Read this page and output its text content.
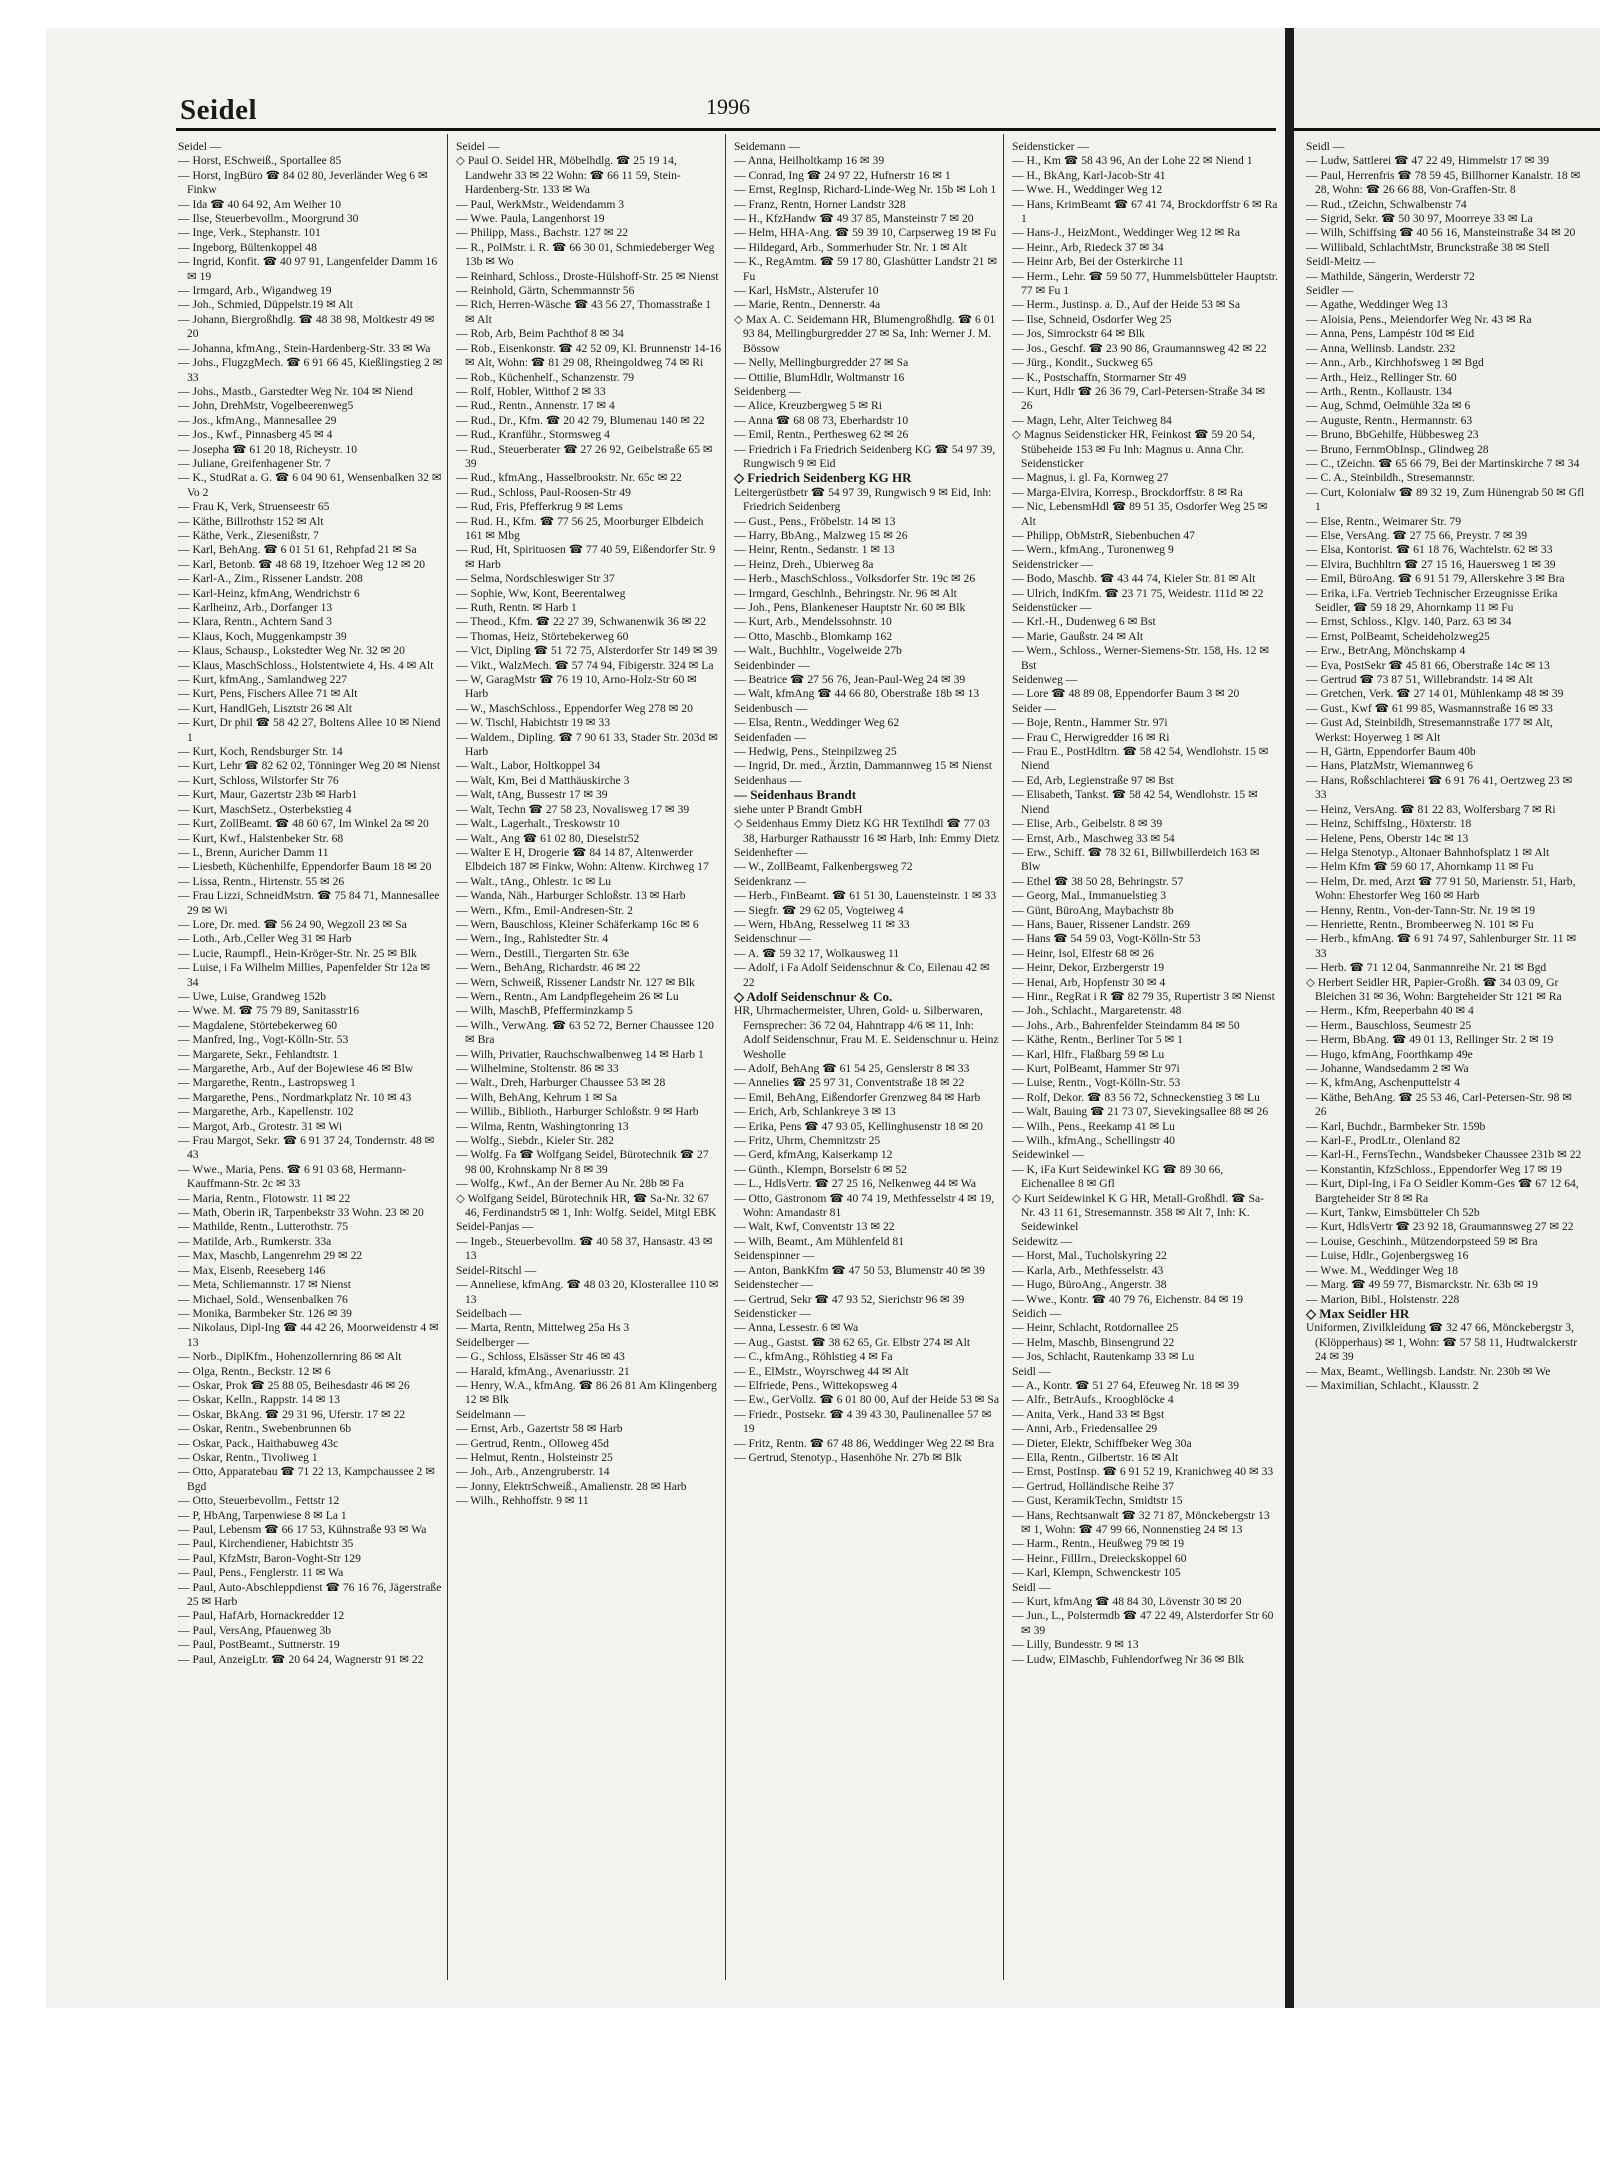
Seidel	1996

Seidel —

— Horst, ESchweiß., Sportallee 85

— Horst, IngBüro ☎ 84 02 80, Jeverländer Weg 6 ✉ Finkw

— Ida ☎ 40 64 92, Am Weiher 10

— Ilse, Steuerbevollm., Moorgrund 30

— Inge, Verk., Stephanstr. 101

— Ingeborg, Bültenkoppel 48

— Ingrid, Konfit. ☎ 40 97 91, Langenfelder Damm 16 ✉ 19

— Irmgard, Arb., Wigandweg 19

— Joh., Schmied, Düppelstr.19 ✉ Alt

— Johann, Biergroßhdlg. ☎ 48 38 98, Moltkestr 49 ✉ 20

— Johanna, kfmAng., Stein-Hardenberg-Str. 33 ✉ Wa

— Johs., FlugzgMech. ☎ 6 91 66 45, Kießlingstieg 2 ✉ 33

— Johs., Mastb., Garstedter Weg Nr. 104 ✉ Niend

— John, DrehMstr, Vogelbeerenweg5

— Jos., kfmAng., Mannesallee 29

— Jos., Kwf., Pinnasberg 45 ✉ 4

— Josepha ☎ 61 20 18, Richeystr. 10

— Juliane, Greifenhagener Str. 7

— K., StudRat a. G. ☎ 6 04 90 61, Wensenbalken 32 ✉ Vo 2

— Frau K, Verk, Struenseestr 65

— Käthe, Billrothstr 152 ✉ Alt

— Käthe, Verk., Ziesenißstr. 7

— Karl, BehAng. ☎ 6 01 51 61, Rehpfad 21 ✉ Sa

— Karl, Betonb. ☎ 48 68 19, Itzehoer Weg 12 ✉ 20

— Karl-A., Zim., Rissener Landstr. 208

— Karl-Heinz, kfmAng, Wendrichstr 6

— Karlheinz, Arb., Dorfanger 13

— Klara, Rentn., Achtern Sand 3

— Klaus, Koch, Muggenkampstr 39

— Klaus, Schausp., Lokstedter Weg Nr. 32 ✉ 20

— Klaus, MaschSchloss., Holstentwiete 4, Hs. 4 ✉ Alt

— Kurt, kfmAng., Samlandweg 227

— Kurt, Pens, Fischers Allee 71 ✉ Alt

— Kurt, HandlGeh, Lisztstr 26 ✉ Alt

— Kurt, Dr phil ☎ 58 42 27, Boltens Allee 10 ✉ Niend 1

— Kurt, Koch, Rendsburger Str. 14

— Kurt, Lehr ☎ 82 62 02, Tönninger Weg 20 ✉ Nienst

— Kurt, Schloss, Wilstorfer Str 76

— Kurt, Maur, Gazertstr 23b ✉ Harb1

— Kurt, MaschSetz., Osterbekstieg 4

— Kurt, ZollBeamt. ☎ 48 60 67, Im Winkel 2a ✉ 20

— Kurt, Kwf., Halstenbeker Str. 68

— L, Brenn, Auricher Damm 11

— Liesbeth, Küchenhilfe, Eppendorfer Baum 18 ✉ 20

— Lissa, Rentn., Hirtenstr. 55 ✉ 26

— Frau Lizzi, SchneidMstrn. ☎ 75 84 71, Mannesallee 29 ✉ Wi

— Lore, Dr. med. ☎ 56 24 90, Wegzoll 23 ✉ Sa

— Loth., Arb.,Celler Weg 31 ✉ Harb

— Lucie, Raumpfl., Hein-Kröger-Str. Nr. 25 ✉ Blk

— Luise, i Fa Wilhelm Millies, Papenfelder Str 12a ✉ 34

— Uwe, Luise, Grandweg 152b

— Wwe. M. ☎ 75 79 89, Sanitasstr16

— Magdalene, Störtebekerweg 60

— Manfred, Ing., Vogt-Kölln-Str. 53

— Margarete, Sekr., Fehlandtstr. 1

— Margarethe, Arb., Auf der Bojewiese 46 ✉ Blw

— Margarethe, Rentn., Lastropsweg 1

— Margarethe, Pens., Nordmarkplatz Nr. 10 ✉ 43

— Margarethe, Arb., Kapellenstr. 102

— Margot, Arb., Grotestr. 31 ✉ Wi

— Frau Margot, Sekr. ☎ 6 91 37 24, Tondernstr. 48 ✉ 43

— Wwe., Maria, Pens. ☎ 6 91 03 68, Hermann-Kauffmann-Str. 2c ✉ 33

— Maria, Rentn., Flotowstr. 11 ✉ 22

— Math, Oberin iR, Tarpenbekstr 33 Wohn. 23 ✉ 20

— Mathilde, Rentn., Lutterothstr. 75

— Matilde, Arb., Rumkerstr. 33a

— Max, Maschb, Langenrehm 29 ✉ 22

— Max, Eisenb, Reeseberg 146

— Meta, Schliemannstr. 17 ✉ Nienst

— Michael, Sold., Wensenbalken 76

— Monika, Barmbeker Str. 126 ✉ 39

— Nikolaus, Dipl-Ing ☎ 44 42 26, Moorweidenstr 4 ✉ 13

— Norb., DiplKfm., Hohenzollernring 86 ✉ Alt

— Olga, Rentn., Beckstr. 12 ✉ 6

— Oskar, Prok ☎ 25 88 05, Beihesdastr 46 ✉ 26

— Oskar, Kelln., Rappstr. 14 ✉ 13

— Oskar, BkAng. ☎ 29 31 96, Uferstr. 17 ✉ 22

— Oskar, Rentn., Swebenbrunnen 6b

— Oskar, Pack., Haithabuweg 43c

— Oskar, Rentn., Tivoliweg 1

— Otto, Apparatebau ☎ 71 22 13, Kampchaussee 2 ✉ Bgd

— Otto, Steuerbevollm., Fettstr 12

— P, HbAng, Tarpenwiese 8 ✉ La 1

— Paul, Lebensm ☎ 66 17 53, Kühnstraße 93 ✉ Wa

— Paul, Kirchendiener, Habichtstr 35

— Paul, KfzMstr, Baron-Voght-Str 129

— Paul, Pens., Fenglerstr. 11 ✉ Wa

— Paul, Auto-Abschleppdienst ☎ 76 16 76, Jägerstraße 25 ✉ Harb

— Paul, HafArb, Hornackredder 12

— Paul, VersAng, Pfauenweg 3b

— Paul, PostBeamt., Suttnerstr. 19

— Paul, AnzeigLtr. ☎ 20 64 24, Wagnerstr 91 ✉ 22

Seidel —

◇ Paul O. Seidel HR, Möbelhdlg. ☎ 25 19 14, Landwehr 33 ✉ 22 Wohn: ☎ 66 11 59, Stein-Hardenberg-Str. 133 ✉ Wa

— Paul, WerkMstr., Weidendamm 3

— Wwe. Paula, Langenhorst 19

— Philipp, Mass., Bachstr. 127 ✉ 22

— R., PolMstr. i. R. ☎ 66 30 01, Schmiedeberger Weg 13b ✉ Wo

— Reinhard, Schloss., Droste-Hülshoff-Str. 25 ✉ Nienst

— Reinhold, Gärtn, Schemmannstr 56

— Rich, Herren-Wäsche ☎ 43 56 27, Thomasstraße 1 ✉ Alt

— Rob, Arb, Beim Pachthof 8 ✉ 34

— Rob., Eisenkonstr. ☎ 42 52 09, Kl. Brunnenstr 14-16 ✉ Alt, Wohn: ☎ 81 29 08, Rheingoldweg 74 ✉ Ri

— Rob., Küchenhelf., Schanzenstr. 79

— Rolf, Hobler, Witthof 2 ✉ 33

— Rud., Rentn., Annenstr. 17 ✉ 4

— Rud., Dr., Kfm. ☎ 20 42 79, Blumenau 140 ✉ 22

— Rud., Kranführ., Stormsweg 4

— Rud., Steuerberater ☎ 27 26 92, Geibelstraße 65 ✉ 39

— Rud., kfmAng., Hasselbrookstr. Nr. 65c ✉ 22

— Rud., Schloss, Paul-Roosen-Str 49

— Rud, Fris, Pfefferkrug 9 ✉ Lems

— Rud. H., Kfm. ☎ 77 56 25, Moorburger Elbdeich 161 ✉ Mbg

— Rud, Ht, Spirituosen ☎ 77 40 59, Eißendorfer Str. 9 ✉ Harb

— Selma, Nordschleswiger Str 37

— Sophie, Ww, Kont, Beerentalweg

— Ruth, Rentn. ✉ Harb 1

— Theod., Kfm. ☎ 22 27 39, Schwanenwik 36 ✉ 22

— Thomas, Heiz, Störtebekerweg 60

— Vict, Dipling ☎ 51 72 75, Alsterdorfer Str 149 ✉ 39

— Vikt., WalzMech. ☎ 57 74 94, Fibigerstr. 324 ✉ La

— W, GaragMstr ☎ 76 19 10, Arno-Holz-Str 60 ✉ Harb

— W., MaschSchloss., Eppendorfer Weg 278 ✉ 20

— W. Tischl, Habichtstr 19 ✉ 33

— Waldem., Dipling. ☎ 7 90 61 33, Stader Str. 203d ✉ Harb

— Walt., Labor, Holtkoppel 34

— Walt, Km, Bei d Matthäuskirche 3

— Walt, tAng, Bussestr 17 ✉ 39

— Walt, Techn ☎ 27 58 23, Novalisweg 17 ✉ 39

— Walt., Lagerhalt., Treskowstr 10

— Walt., Ang ☎ 61 02 80, Dieselstr52

— Walter E H, Drogerie ☎ 84 14 87, Altenwerder Elbdeich 187 ✉ Finkw, Wohn: Altenw. Kirchweg 17

— Walt., tAng., Ohlestr. 1c ✉ Lu

— Wanda, Näh., Harburger Schloßstr. 13 ✉ Harb

— Wern., Kfm., Emil-Andresen-Str. 2

— Wern, Bauschloss, Kleiner Schäferkamp 16c ✉ 6

— Wern., Ing., Rahlstedter Str. 4

— Wern., Destill., Tiergarten Str. 63e

— Wern., BehAng, Richardstr. 46 ✉ 22

— Wern, Schweiß, Rissener Landstr Nr. 127 ✉ Blk

— Wern., Rentn., Am Landpflegeheim 26 ✉ Lu

— Wilh, MaschB, Pfefferminzkamp 5

— Wilh., VerwAng. ☎ 63 52 72, Berner Chaussee 120 ✉ Bra

— Wilh, Privatier, Rauchschwalbenweg 14 ✉ Harb 1

— Wilhelmine, Stoltenstr. 86 ✉ 33

— Walt., Dreh, Harburger Chaussee 53 ✉ 28

— Wilh, BehAng, Kehrum 1 ✉ Sa

— Willib., Biblioth., Harburger Schloßstr. 9 ✉ Harb

— Wilma, Rentn, Washingtonring 13

— Wolfg., Siebdr., Kieler Str. 282

— Wolfg. Fa ☎ Wolfgang Seidel, Bürotechnik ☎ 27 98 00, Krohnskamp Nr 8 ✉ 39

— Wolfg., Kwf., An der Berner Au Nr. 28b ✉ Fa

◇ Wolfgang Seidel, Bürotechnik HR, ☎ Sa-Nr. 32 67 46, Ferdinandstr5 ✉ 1, Inh: Wolfg. Seidel, Mitgl EBK

Seidel-Panjas —

— Ingeb., Steuerbevollm. ☎ 40 58 37, Hansastr. 43 ✉ 13

Seidel-Ritschl —

— Anneliese, kfmAng. ☎ 48 03 20, Klosterallee 110 ✉ 13

Seidelbach —

— Marta, Rentn, Mittelweg 25a Hs 3

Seidelberger —

— G., Schloss, Elsässer Str 46 ✉ 43

— Harald, kfmAng., Avenariusstr. 21

— Henry, W.A., kfmAng. ☎ 86 26 81 Am Klingenberg 12 ✉ Blk

Seidelmann —

— Ernst, Arb., Gazertstr 58 ✉ Harb

— Gertrud, Rentn., Olloweg 45d

— Helmut, Rentn., Holsteinstr 25

— Joh., Arb., Anzengruberstr. 14

— Jonny, ElektrSchweiß., Amalienstr. 28 ✉ Harb

— Wilh., Rehhoffstr. 9 ✉ 11

Seidemann —

— Anna, Heilholtkamp 16 ✉ 39

— Conrad, Ing ☎ 24 97 22, Hufnerstr 16 ✉ 1

— Ernst, RegInsp, Richard-Linde-Weg Nr. 15b ✉ Loh 1

— Franz, Rentn, Horner Landstr 328

— H., KfzHandw ☎ 49 37 85, Mansteinstr 7 ✉ 20

— Helm, HHA-Ang. ☎ 59 39 10, Carpserweg 19 ✉ Fu

— Hildegard, Arb., Sommerhuder Str. Nr. 1 ✉ Alt

— K., RegAmtm. ☎ 59 17 80, Glashütter Landstr 21 ✉ Fu

— Karl, HsMstr., Alsterufer 10

— Marie, Rentn., Dennerstr. 4a

◇ Max A. C. Seidemann HR, Blumengroßhdlg. ☎ 6 01 93 84, Mellingburgredder 27 ✉ Sa, Inh: Werner J. M. Bössow

— Nelly, Mellingburgredder 27 ✉ Sa

— Ottilie, BlumHdlr, Woltmanstr 16

Seidenberg —

— Alice, Kreuzbergweg 5 ✉ Ri

— Anna ☎ 68 08 73, Eberhardstr 10

— Emil, Rentn., Perthesweg 62 ✉ 26

— Friedrich i Fa Friedrich Seidenberg KG ☎ 54 97 39, Rungwisch 9 ✉ Eid

◇ Friedrich Seidenberg KG HR

Leitergerüstbetr ☎ 54 97 39, Rungwisch 9 ✉ Eid, Inh: Friedrich Seidenberg

— Gust., Pens., Fröbelstr. 14 ✉ 13

— Harry, BbAng., Malzweg 15 ✉ 26

— Heinr, Rentn., Sedanstr. 1 ✉ 13

— Heinz, Dreh., Ubierweg 8a

— Herb., MaschSchloss., Volksdorfer Str. 19c ✉ 26

— Irmgard, Geschlnh., Behringstr. Nr. 96 ✉ Alt

— Joh., Pens, Blankeneser Hauptstr Nr. 60 ✉ Blk

— Kurt, Arb., Mendelssohnstr. 10

— Otto, Maschb., Blomkamp 162

— Walt., Buchhltr., Vogelweide 27b

Seidenbinder —

— Beatrice ☎ 27 56 76, Jean-Paul-Weg 24 ✉ 39

— Walt, kfmAng ☎ 44 66 80, Oberstraße 18b ✉ 13

Seidenbusch —

— Elsa, Rentn., Weddinger Weg 62

Seidenfaden —

— Hedwig, Pens., Steinpilzweg 25

— Ingrid, Dr. med., Ärztin, Dammannweg 15 ✉ Nienst

Seidenhaus —

— Seidenhaus Brandt

siehe unter P Brandt GmbH

◇ Seidenhaus Emmy Dietz KG HR Textilhdl ☎ 77 03 38, Harburger Rathausstr 16 ✉ Harb, Inh: Emmy Dietz

Seidenhefter —

— W., ZollBeamt, Falkenbergsweg 72

Seidenkranz —

— Herb., FinBeamt. ☎ 61 51 30, Lauensteinstr. 1 ✉ 33

— Siegfr. ☎ 29 62 05, Vogteiweg 4

— Wern, HbAng, Resselweg 11 ✉ 33

Seidenschnur —

— A. ☎ 59 32 17, Wolkausweg 11

— Adolf, i Fa Adolf Seidenschnur & Co, Eilenau 42 ✉ 22

◇ Adolf Seidenschnur & Co.

HR, Uhrmachermeister, Uhren, Gold- u. Silberwaren, Fernsprecher: 36 72 04, Hahntrapp 4/6 ✉ 11, Inh: Adolf Seidenschnur, Frau M. E. Seidenschnur u. Heinz Wesholle

— Adolf, BehAng ☎ 61 54 25, Genslerstr 8 ✉ 33

— Annelies ☎ 25 97 31, Conventstraße 18 ✉ 22

— Emil, BehAng, Eißendorfer Grenzweg 84 ✉ Harb

— Erich, Arb, Schlankreye 3 ✉ 13

— Erika, Pens ☎ 47 93 05, Kellinghusenstr 18 ✉ 20

— Fritz, Uhrm, Chemnitzstr 25

— Gerd, kfmAng, Kaiserkamp 12

— Günth., Klempn, Borselstr 6 ✉ 52

— L., HdlsVertr. ☎ 27 25 16, Nelkenweg 44 ✉ Wa

— Otto, Gastronom ☎ 40 74 19, Methfesselstr 4 ✉ 19, Wohn: Amandastr 81

— Walt, Kwf, Conventstr 13 ✉ 22

— Wilh, Beamt., Am Mühlenfeld 81

Seidenspinner —

— Anton, BankKfm ☎ 47 50 53, Blumenstr 40 ✉ 39

Seidenstecher —

— Gertrud, Sekr ☎ 47 93 52, Sierichstr 96 ✉ 39

Seidensticker —

— Anna, Lessestr. 6 ✉ Wa

— Aug., Gastst. ☎ 38 62 65, Gr. Elbstr 274 ✉ Alt

— C., kfmAng., Röhlstieg 4 ✉ Fa

— E., ElMstr., Woyrschweg 44 ✉ Alt

— Elfriede, Pens., Wittekopsweg 4

— Ew., GerVollz. ☎ 6 01 80 00, Auf der Heide 53 ✉ Sa

— Friedr., Postsekr. ☎ 4 39 43 30, Paulinenallee 57 ✉ 19

— Fritz, Rentn. ☎ 67 48 86, Weddinger Weg 22 ✉ Bra

— Gertrud, Stenotyp., Hasenhöhe Nr. 27b ✉ Blk

Seidensticker —

— H., Km ☎ 58 43 96, An der Lohe 22 ✉ Niend 1

— H., BkAng, Karl-Jacob-Str 41

— Wwe. H., Weddinger Weg 12

— Hans, KrimBeamt ☎ 67 41 74, Brockdorffstr 6 ✉ Ra 1

— Hans-J., HeizMont., Weddinger Weg 12 ✉ Ra

— Heinr., Arb, Riedeck 37 ✉ 34

— Heinr Arb, Bei der Osterkirche 11

— Herm., Lehr. ☎ 59 50 77, Hummelsbütteler Hauptstr. 77 ✉ Fu 1

— Herm., Justinsp. a. D., Auf der Heide 53 ✉ Sa

— Ilse, Schneid, Osdorfer Weg 25

— Jos, Simrockstr 64 ✉ Blk

— Jos., Geschf. ☎ 23 90 86, Graumannsweg 42 ✉ 22

— Jürg., Kondit., Suckweg 65

— K., Postschaffn, Stormarner Str 49

— Kurt, Hdlr ☎ 26 36 79, Carl-Petersen-Straße 34 ✉ 26

— Magn, Lehr, Alter Teichweg 84

◇ Magnus Seidensticker HR, Feinkost ☎ 59 20 54, Stübeheide 153 ✉ Fu Inh: Magnus u. Anna Chr. Seidensticker

— Magnus, i. gl. Fa, Kornweg 27

— Marga-Elvira, Korresp., Brockdorffstr. 8 ✉ Ra

— Nic, LebensmHdl ☎ 89 51 35, Osdorfer Weg 25 ✉ Alt

— Philipp, ObMstrR, Siebenbuchen 47

— Wern., kfmAng., Turonenweg 9

Seidenstricker —

— Bodo, Maschb. ☎ 43 44 74, Kieler Str. 81 ✉ Alt

— Ulrich, IndKfm. ☎ 23 71 75, Weidestr. 111d ✉ 22

Seidenstücker —

— Krl.-H., Dudenweg 6 ✉ Bst

— Marie, Gaußstr. 24 ✉ Alt

— Wern., Schloss., Werner-Siemens-Str. 158, Hs. 12 ✉ Bst

Seidenweg —

— Lore ☎ 48 89 08, Eppendorfer Baum 3 ✉ 20

Seider —

— Boje, Rentn., Hammer Str. 97i

— Frau C, Herwigredder 16 ✉ Ri

— Frau E., PostHdltrn. ☎ 58 42 54, Wendlohstr. 15 ✉ Niend

— Ed, Arb, Legienstraße 97 ✉ Bst

— Elisabeth, Tankst. ☎ 58 42 54, Wendlohstr. 15 ✉ Niend

— Elise, Arb., Geibelstr. 8 ✉ 39

— Ernst, Arb., Maschweg 33 ✉ 54

— Erw., Schiff. ☎ 78 32 61, Billwbillerdeich 163 ✉ Blw

— Ethel ☎ 38 50 28, Behringstr. 57

— Georg, Mal., Immanuelstieg 3

— Günt, BüroAng, Maybachstr 8b

— Hans, Bauer, Rissener Landstr. 269

— Hans ☎ 54 59 03, Vogt-Kölln-Str 53

— Heinr, Isol, Elfestr 68 ✉ 26

— Heinr, Dekor, Erzbergerstr 19

— Henai, Arb, Hopfenstr 30 ✉ 4

— Hinr., RegRat i R ☎ 82 79 35, Rupertistr 3 ✉ Nienst

— Joh., Schlacht., Margaretenstr. 48

— Johs., Arb., Bahrenfelder Steindamm 84 ✉ 50

— Käthe, Rentn., Berliner Tor 5 ✉ 1

— Karl, Hlfr., Flaßbarg 59 ✉ Lu

— Kurt, PolBeamt, Hammer Str 97i

— Luise, Rentn., Vogt-Kölln-Str. 53

— Rolf, Dekor. ☎ 83 56 72, Schneckenstieg 3 ✉ Lu

— Walt, Bauing ☎ 21 73 07, Sievekingsallee 88 ✉ 26

— Wilh., Pens., Reekamp 41 ✉ Lu

— Wilh., kfmAng., Schellingstr 40

Seidewinkel —

— K, iFa Kurt Seidewinkel KG ☎ 89 30 66, Eichenallee 8 ✉ Gfl

◇ Kurt Seidewinkel K G HR, Metall-Großhdl. ☎ Sa-Nr. 43 11 61, Stresemannstr. 358 ✉ Alt 7, Inh: K. Seidewinkel

Seidewitz —

— Horst, Mal., Tucholskyring 22

— Karla, Arb., Methfesselstr. 43

— Hugo, BüroAng., Angerstr. 38

— Wwe., Kontr. ☎ 40 79 76, Eichenstr. 84 ✉ 19

Seidich —

— Heinr, Schlacht, Rotdornallee 25

— Helm, Maschb, Binsengrund 22

— Jos, Schlacht, Rautenkamp 33 ✉ Lu

Seidl —

— A., Kontr. ☎ 51 27 64, Efeuweg Nr. 18 ✉ 39

— Alfr., BetrAufs., Kroogblöcke 4

— Anita, Verk., Hand 33 ✉ Bgst

— Anni, Arb., Friedensallee 29

— Dieter, Elektr, Schiffbeker Weg 30a

— Ella, Rentn., Gilbertstr. 16 ✉ Alt

— Ernst, PostInsp. ☎ 6 91 52 19, Kranichweg 40 ✉ 33

— Gertrud, Holländische Reihe 37

— Gust, KeramikTechn, Smidtstr 15

— Hans, Rechtsanwalt ☎ 32 71 87, Mönckebergstr 13 ✉ 1, Wohn: ☎ 47 99 66, Nonnenstieg 24 ✉ 13

— Harm., Rentn., Heußweg 79 ✉ 19

— Heinr., FillIrn., Dreieckskoppel 60

— Karl, Klempn, Schwenckestr 105

Seidl —

— Kurt, kfmAng ☎ 48 84 30, Lövenstr 30 ✉ 20

— Jun., L., Polstermdb ☎ 47 22 49, Alsterdorfer Str 60 ✉ 39

— Lilly, Bundesstr. 9 ✉ 13

— Ludw, ElMaschb, Fuhlendorfweg Nr 36 ✉ Blk

Seidl —

— Ludw, Sattlerei ☎ 47 22 49, Himmelstr 17 ✉ 39

— Paul, Herrenfris ☎ 78 59 45, Billhorner Kanalstr. 18 ✉ 28, Wohn: ☎ 26 66 88, Von-Graffen-Str. 8

— Rud., tZeichn, Schwalbenstr 74

— Sigrid, Sekr. ☎ 50 30 97, Moorreye 33 ✉ La

— Wilh, Schiffsing ☎ 40 56 16, Mansteinstraße 34 ✉ 20

— Willibald, SchlachtMstr, Brunckstraße 38 ✉ Stell

Seidl-Meitz —

— Mathilde, Sängerin, Werderstr 72

Seidler —

— Agathe, Weddinger Weg 13

— Aloisia, Pens., Meiendorfer Weg Nr. 43 ✉ Ra

— Anna, Pens, Lampéstr 10d ✉ Eid

— Anna, Wellinsb. Landstr. 232

— Ann., Arb., Kirchhofsweg 1 ✉ Bgd

— Arth., Heiz., Rellinger Str. 60

— Arth., Rentn., Kollaustr. 134

— Aug, Schmd, Oelmühle 32a ✉ 6

— Auguste, Rentn., Hermannstr. 63

— Bruno, BbGehilfe, Hübbesweg 23

— Bruno, FernmObInsp., Glindweg 28

— C., tZeichn. ☎ 65 66 79, Bei der Martinskirche 7 ✉ 34

— C. A., Steinbildh., Stresemannstr.

— Curt, Kolonialw ☎ 89 32 19, Zum Hünengrab 50 ✉ Gfl 1

— Else, Rentn., Weimarer Str. 79

— Else, VersAng. ☎ 27 75 66, Preystr. 7 ✉ 39

— Elsa, Kontorist. ☎ 61 18 76, Wachtelstr. 62 ✉ 33

— Elvira, Buchhltrn ☎ 27 15 16, Hauersweg 1 ✉ 39

— Emil, BüroAng. ☎ 6 91 51 79, Allerskehre 3 ✉ Bra

— Erika, i.Fa. Vertrieb Technischer Erzeugnisse Erika Seidler, ☎ 59 18 29, Ahornkamp 11 ✉ Fu

— Ernst, Schloss., Klgv. 140, Parz. 63 ✉ 34

— Ernst, PolBeamt, Scheideholzweg25

— Erw., BetrAng, Mönchskamp 4

— Eva, PostSekr ☎ 45 81 66, Oberstraße 14c ✉ 13

— Gertrud ☎ 73 87 51, Willebrandstr. 14 ✉ Alt

— Gretchen, Verk. ☎ 27 14 01, Mühlenkamp 48 ✉ 39

— Gust., Kwf ☎ 61 99 85, Wasmannstraße 16 ✉ 33

— Gust Ad, Steinbildh, Stresemannstraße 177 ✉ Alt, Werkst: Hoyerweg 1 ✉ Alt

— H, Gärtn, Eppendorfer Baum 40b

— Hans, PlatzMstr, Wiemannweg 6

— Hans, Roßschlachterei ☎ 6 91 76 41, Oertzweg 23 ✉ 33

— Heinz, VersAng. ☎ 81 22 83, Wolfersbarg 7 ✉ Ri

— Heinz, SchiffsIng., Höxterstr. 18

— Helene, Pens, Oberstr 14c ✉ 13

— Helga Stenotyp., Altonaer Bahnhofsplatz 1 ✉ Alt

— Helm Kfm ☎ 59 60 17, Ahornkamp 11 ✉ Fu

— Helm, Dr. med, Arzt ☎ 77 91 50, Marienstr. 51, Harb, Wohn: Ehestorfer Weg 160 ✉ Harb

— Henny, Rentn., Von-der-Tann-Str. Nr. 19 ✉ 19

— Henriette, Rentn., Brombeerweg N. 101 ✉ Fu

— Herb., kfmAng. ☎ 6 91 74 97, Sahlenburger Str. 11 ✉ 33

— Herb. ☎ 71 12 04, Sanmannreihe Nr. 21 ✉ Bgd

◇ Herbert Seidler HR, Papier-Großh. ☎ 34 03 09, Gr Bleichen 31 ✉ 36, Wohn: Bargteheider Str 121 ✉ Ra

— Herm., Kfm, Reeperbahn 40 ✉ 4

— Herm., Bauschloss, Seumestr 25

— Herm, BbAng. ☎ 49 01 13, Rellinger Str. 2 ✉ 19

— Hugo, kfmAng, Foorthkamp 49e

— Johanne, Wandsedamm 2 ✉ Wa

— K, kfmAng, Aschenputtelstr 4

— Käthe, BehAng. ☎ 25 53 46, Carl-Petersen-Str. 98 ✉ 26

— Karl, Buchdr., Barmbeker Str. 159b

— Karl-F., ProdLtr., Olenland 82

— Karl-H., FernsTechn., Wandsbeker Chaussee 231b ✉ 22

— Konstantin, KfzSchloss., Eppendorfer Weg 17 ✉ 19

— Kurt, Dipl-Ing, i Fa O Seidler Komm-Ges ☎ 67 12 64, Bargteheider Str 8 ✉ Ra

— Kurt, Tankw, Eimsbütteler Ch 52b

— Kurt, HdlsVertr ☎ 23 92 18, Graumannsweg 27 ✉ 22

— Louise, Geschinh., Mützendorpsteed 59 ✉ Bra

— Luise, Hdlr., Gojenbergsweg 16

— Wwe. M., Weddinger Weg 18

— Marg. ☎ 49 59 77, Bismarckstr. Nr. 63b ✉ 19

— Marion, Bibl., Holstenstr. 228

◇ Max Seidler HR

Uniformen, Zivilkleidung ☎ 32 47 66, Mönckebergstr 3, (Klöpperhaus) ✉ 1, Wohn: ☎ 57 58 11, Hudtwalckerstr 24 ✉ 39

— Max, Beamt., Wellingsb. Landstr. Nr. 230b ✉ We

— Maximilian, Schlacht., Klausstr. 2
